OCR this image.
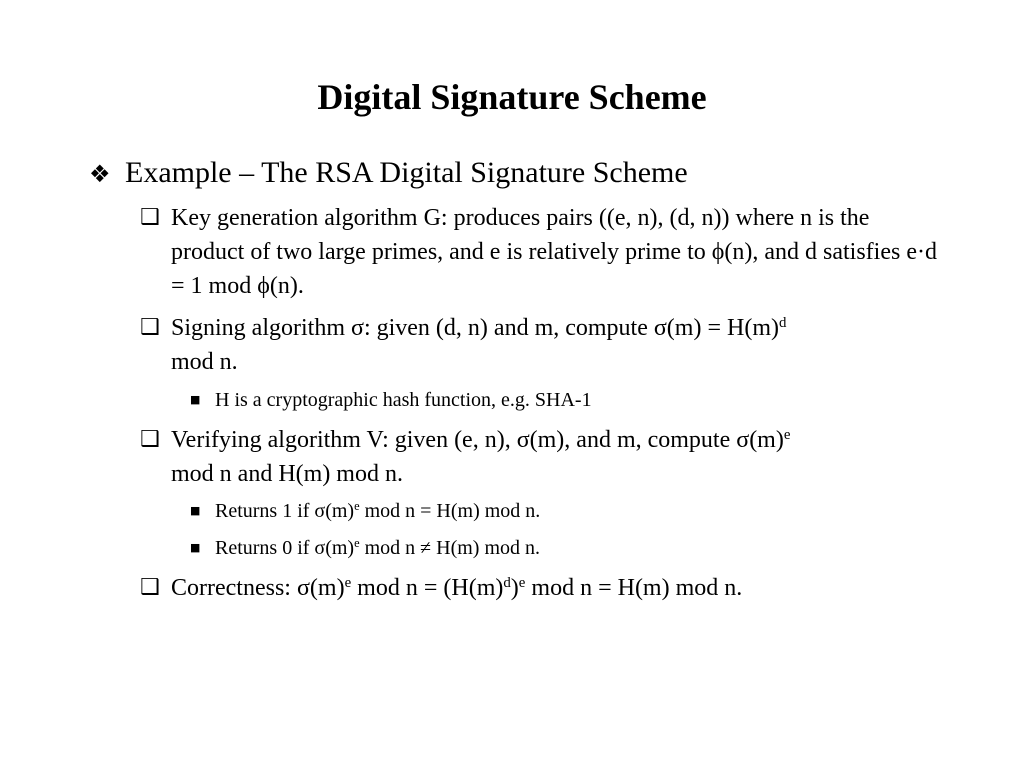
Digital Signature Scheme
❖ Example – The RSA Digital Signature Scheme
❑ Key generation algorithm G: produces pairs ((e, n), (d, n)) where n is the product of two large primes, and e is relatively prime to ϕ(n), and d satisfies e·d = 1 mod ϕ(n).
❑ Signing algorithm σ: given (d, n) and m, compute $\sigma(m) = H(m)^d$
mod n.
■ H is a cryptographic hash function, e.g. SHA-1
❑ Verifying algorithm V: given (e, n), σ(m), and m, compute $\sigma(m)^e$
mod n and H(m) mod n.
■ Returns 1 if $\sigma(m)^e$ mod n = H(m) mod n.
■ Returns 0 if $\sigma(m)^e$ mod n ≠ H(m) mod n.
❑ Correctness: $\sigma(m)^e$ mod $n = (H(m)^d)^e$ mod n = H(m) mod n.
